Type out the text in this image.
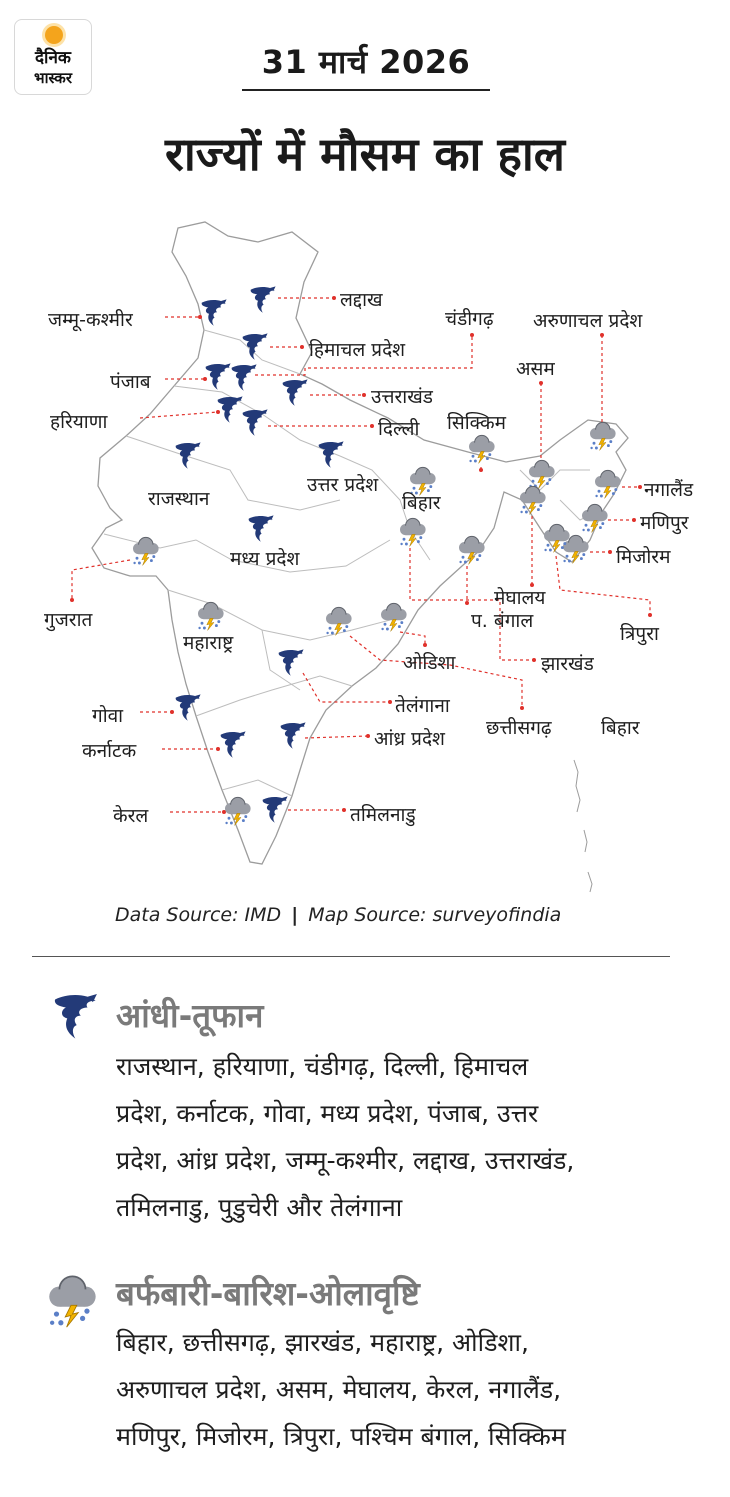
दैनिक
भास्कर	31 मार्च 2026
राज्यों में मौसम का हाल
जम्मू-कश्मीर
लद्दाख
चंडीगढ़ अरुणाचल प्रदेश
हिमाचल प्रदेश
असम
पंजाब
उत्तराखंड
हरियाणा	दिल्ली सिक्किम
उत्तर प्रदेश	नगालैंड
राजस्थान	बिहार
मणिपुर
मध्य प्रदेश	मिजोरम
मेघालय
गुजरात	प. बंगाल
त्रिपुरा
महाराष्ट्र
ओडिशा	झारखंड
तेलंगाना
गोवा
छत्तीसगढ़	बिहार
कर्नाटक
आंध्र प्रदेश
केरल	तमिलनाडु
Data Source: IMD | Map Source: surveyofindia
आंधी-तूफान
राजस्थान, हरियाणा, चंडीगढ़, दिल्ली, हिमाचल
प्रदेश, कर्नाटक, गोवा, मध्य प्रदेश, पंजाब, उत्तर
प्रदेश, आंध्र प्रदेश, जम्मू-कश्मीर, लद्दाख, उत्तराखंड,
तमिलनाडु, पुडुचेरी और तेलंगाना
बर्फबारी-बारिश-ओलावृष्टि
बिहार, छत्तीसगढ़, झारखंड, महाराष्ट्र, ओडिशा,
अरुणाचल प्रदेश, असम, मेघालय, केरल, नगालैंड,
मणिपुर, मिजोरम, त्रिपुरा, पश्चिम बंगाल, सिक्किम
